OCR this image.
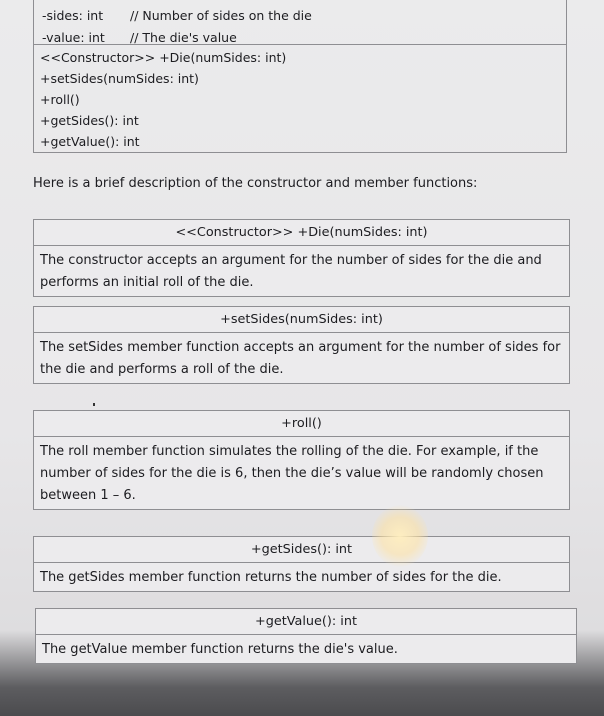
-sides: int // Number of sides on the die
-value: int // The die's value
<<Constructor>> +Die(numSides: int)
+setSides(numSides: int)
+roll()
+getSides(): int
+getValue(): int
Here is a brief description of the constructor and member functions:
<<Constructor>> +Die(numSides: int)
The constructor accepts an argument for the number of sides for the die and performs an initial roll of the die.
+setSides(numSides: int)
The setSides member function accepts an argument for the number of sides for the die and performs a roll of the die.
+roll()
The roll member function simulates the rolling of the die. For example, if the number of sides for the die is 6, then the die’s value will be randomly chosen between 1 – 6.
+getSides(): int
The getSides member function returns the number of sides for the die.
+getValue(): int
The getValue member function returns the die's value.
